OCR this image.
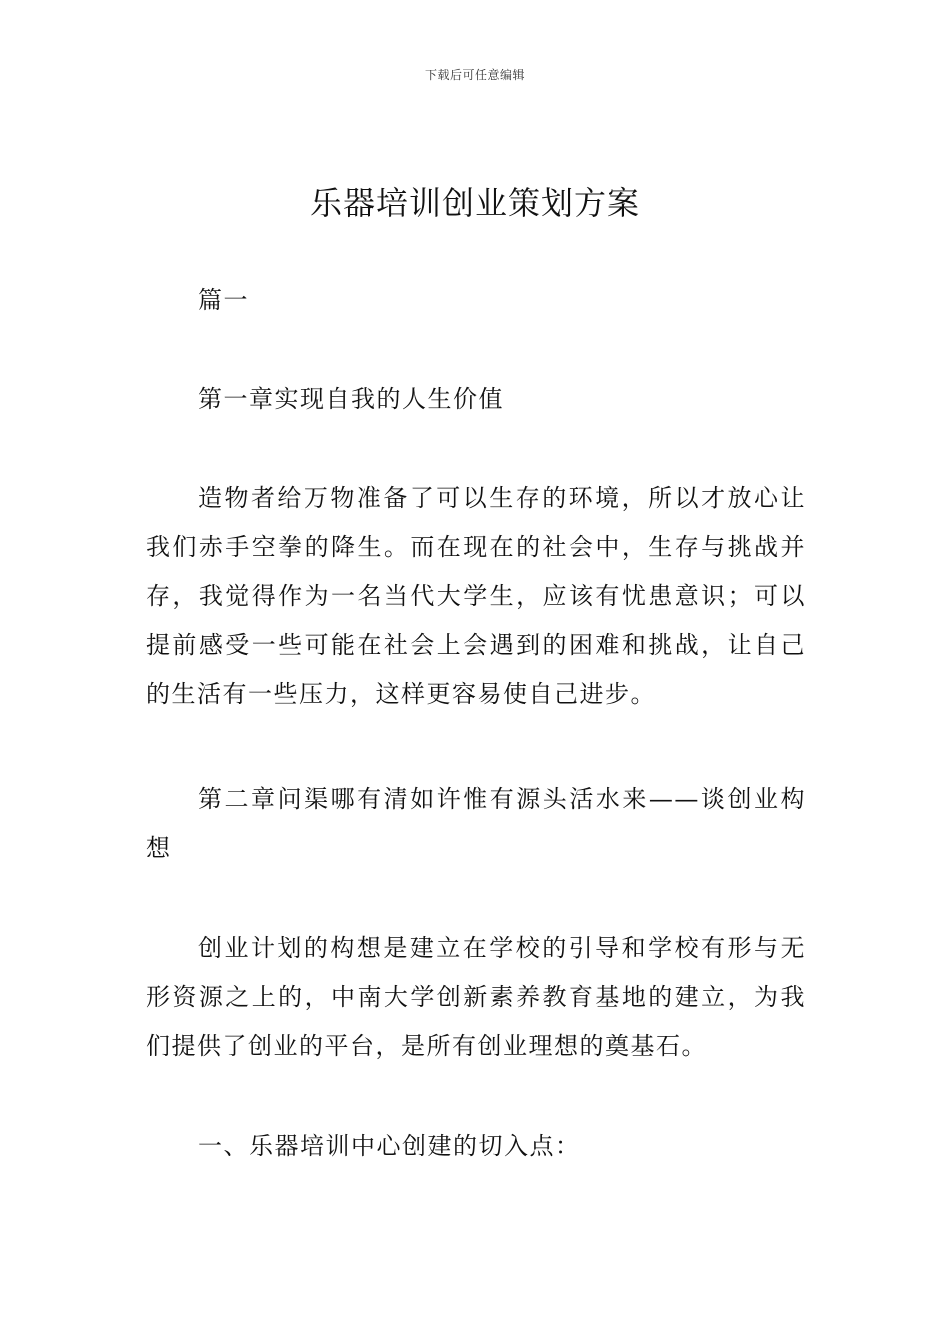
下载后可任意编辑
乐器培训创业策划方案

篇一

第一章实现自我的人生价值

造物者给万物准备了可以生存的环境，所以才放心让我们赤手空拳的降生。而在现在的社会中，生存与挑战并存，我觉得作为一名当代大学生，应该有忧患意识；可以提前感受一些可能在社会上会遇到的困难和挑战，让自己的生活有一些压力，这样更容易使自己进步。

第二章问渠哪有清如许惟有源头活水来——谈创业构想

创业计划的构想是建立在学校的引导和学校有形与无形资源之上的，中南大学创新素养教育基地的建立，为我们提供了创业的平台，是所有创业理想的奠基石。

一、乐器培训中心创建的切入点：
